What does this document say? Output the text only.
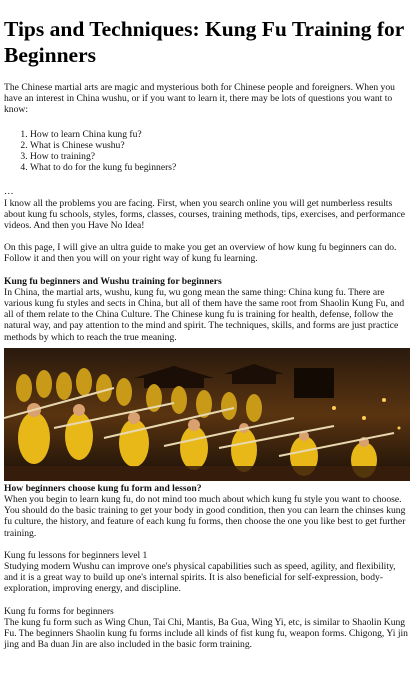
Tips and Techniques: Kung Fu Training for Beginners

The Chinese martial arts are magic and mysterious both for Chinese people and foreigners. When you have an interest in China wushu, or if you want to learn it, there may be lots of questions you want to know:

1. How to learn China kung fu?
2. What is Chinese wushu?
3. How to training?
4. What to do for the kung fu beginners?

…

I know all the problems you are facing. First, when you search online you will get numberless results about kung fu schools, styles, forms, classes, courses, training methods, tips, exercises, and performance videos. And then you Have No Idea!

On this page, I will give an ultra guide to make you get an overview of how kung fu beginners can do. Follow it and then you will on your right way of kung fu learning.

Kung fu beginners and Wushu training for beginners

In China, the martial arts, wushu, kung fu, wu gong mean the same thing: China kung fu. There are various kung fu styles and sects in China, but all of them have the same root from Shaolin Kung Fu, and all of them relate to the China Culture. The Chinese kung fu is training for health, defense, follow the natural way, and pay attention to the mind and spirit. The techniques, skills, and forms are just practice methods by which to reach the true meaning.

How beginners choose kung fu form and lesson?

When you begin to learn kung fu, do not mind too much about which kung fu style you want to choose. You should do the basic training to get your body in good condition, then you can learn the chinses kung fu culture, the history, and feature of each kung fu forms, then choose the one you like best to get further training.

Kung fu lessons for beginners level 1

Studying modern Wushu can improve one's physical capabilities such as speed, agility, and flexibility, and it is a great way to build up one's internal spirits. It is also beneficial for self-expression, body-exploration, improving energy, and discipline.

Kung fu forms for beginners

The kung fu form such as Wing Chun, Tai Chi, Mantis, Ba Gua, Wing Yi, etc, is similar to Shaolin Kung Fu. The beginners Shaolin kung fu forms include all kinds of fist kung fu, weapon forms. Chigong, Yi jin jing and Ba duan Jin are also included in the basic form training.
